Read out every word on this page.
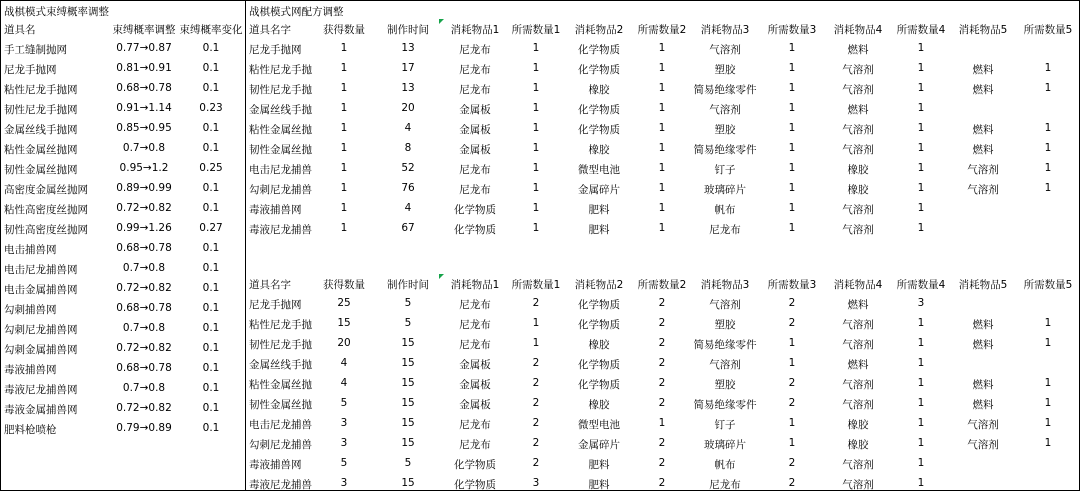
战棋模式束缚概率调整
道具名	束缚概率调整 束缚概率变化
手工缝制抛网	0.77→0.87	0.1
尼龙手抛网	0.81→0.91	0.1
粘性尼龙手抛网	0.68→0.78	0.1
韧性尼龙手抛网	0.91→1.14	0.23
金属丝线手抛网	0.85→0.95	0.1
粘性金属丝抛网	0.7→0.8	0.1
韧性金属丝抛网	0.95→1.2	0.25
高密度金属丝抛网	0.89→0.99	0.1
粘性高密度丝抛网	0.72→0.82	0.1
韧性高密度丝抛网	0.99→1.26	0.27
电击捕兽网	0.68→0.78	0.1
电击尼龙捕兽网	0.7→0.8	0.1
电击金属捕兽网	0.72→0.82	0.1
勾刺捕兽网	0.68→0.78	0.1
勾刺尼龙捕兽网	0.7→0.8	0.1
勾刺金属捕兽网	0.72→0.82	0.1
毒液捕兽网	0.68→0.78	0.1
毒液尼龙捕兽网	0.7→0.8	0.1
毒液金属捕兽网	0.72→0.82	0.1
肥料枪喷枪	0.79→0.89	0.1
战棋模式网配方调整
道具名字	获得数量	制作时间	消耗物品1	所需数量1	消耗物品2	所需数量2	消耗物品3	所需数量3	消耗物品4	所需数量4	消耗物品5	所需数量5
尼龙手抛网	1	13	尼龙布	1	化学物质	1	气溶剂	1	燃料	1
粘性尼龙手抛	1	17	尼龙布	1	化学物质	1	塑胶	1	气溶剂	1	燃料	1
韧性尼龙手抛	1	13	尼龙布	1	橡胶	1	简易绝缘零件	1	气溶剂	1	燃料	1
金属丝线手抛	1	20	金属板	1	化学物质	1	气溶剂	1	燃料	1
粘性金属丝抛	1	4	金属板	1	化学物质	1	塑胶	1	气溶剂	1	燃料	1
韧性金属丝抛	1	8	金属板	1	橡胶	1	简易绝缘零件	1	气溶剂	1	燃料	1
电击尼龙捕兽	1	52	尼龙布	1	微型电池	1	钉子	1	橡胶	1	气溶剂	1
勾刺尼龙捕兽	1	76	尼龙布	1	金属碎片	1	玻璃碎片	1	橡胶	1	气溶剂	1
毒液捕兽网	1	4	化学物质	1	肥料	1	帆布	1	气溶剂	1
毒液尼龙捕兽	1	67	化学物质	1	肥料	1	尼龙布	1	气溶剂	1
道具名字	获得数量	制作时间	消耗物品1	所需数量1	消耗物品2	所需数量2	消耗物品3	所需数量3	消耗物品4	所需数量4	消耗物品5	所需数量5
尼龙手抛网	25	5	尼龙布	2	化学物质	2	气溶剂	2	燃料	3
粘性尼龙手抛	15	5	尼龙布	1	化学物质	2	塑胶	2	气溶剂	1	燃料	1
韧性尼龙手抛	20	15	尼龙布	1	橡胶	2	简易绝缘零件	1	气溶剂	1	燃料	1
金属丝线手抛	4	15	金属板	2	化学物质	2	气溶剂	1	燃料	1
粘性金属丝抛	4	15	金属板	2	化学物质	2	塑胶	2	气溶剂	1	燃料	1
韧性金属丝抛	5	15	金属板	2	橡胶	2	简易绝缘零件	2	气溶剂	1	燃料	1
电击尼龙捕兽	3	15	尼龙布	2	微型电池	1	钉子	1	橡胶	1	气溶剂	1
勾刺尼龙捕兽	3	15	尼龙布	2	金属碎片	2	玻璃碎片	1	橡胶	1	气溶剂	1
毒液捕兽网	5	5	化学物质	2	肥料	2	帆布	2	气溶剂	1
毒液尼龙捕兽	3	15	化学物质	3	肥料	2	尼龙布	2	气溶剂	1
